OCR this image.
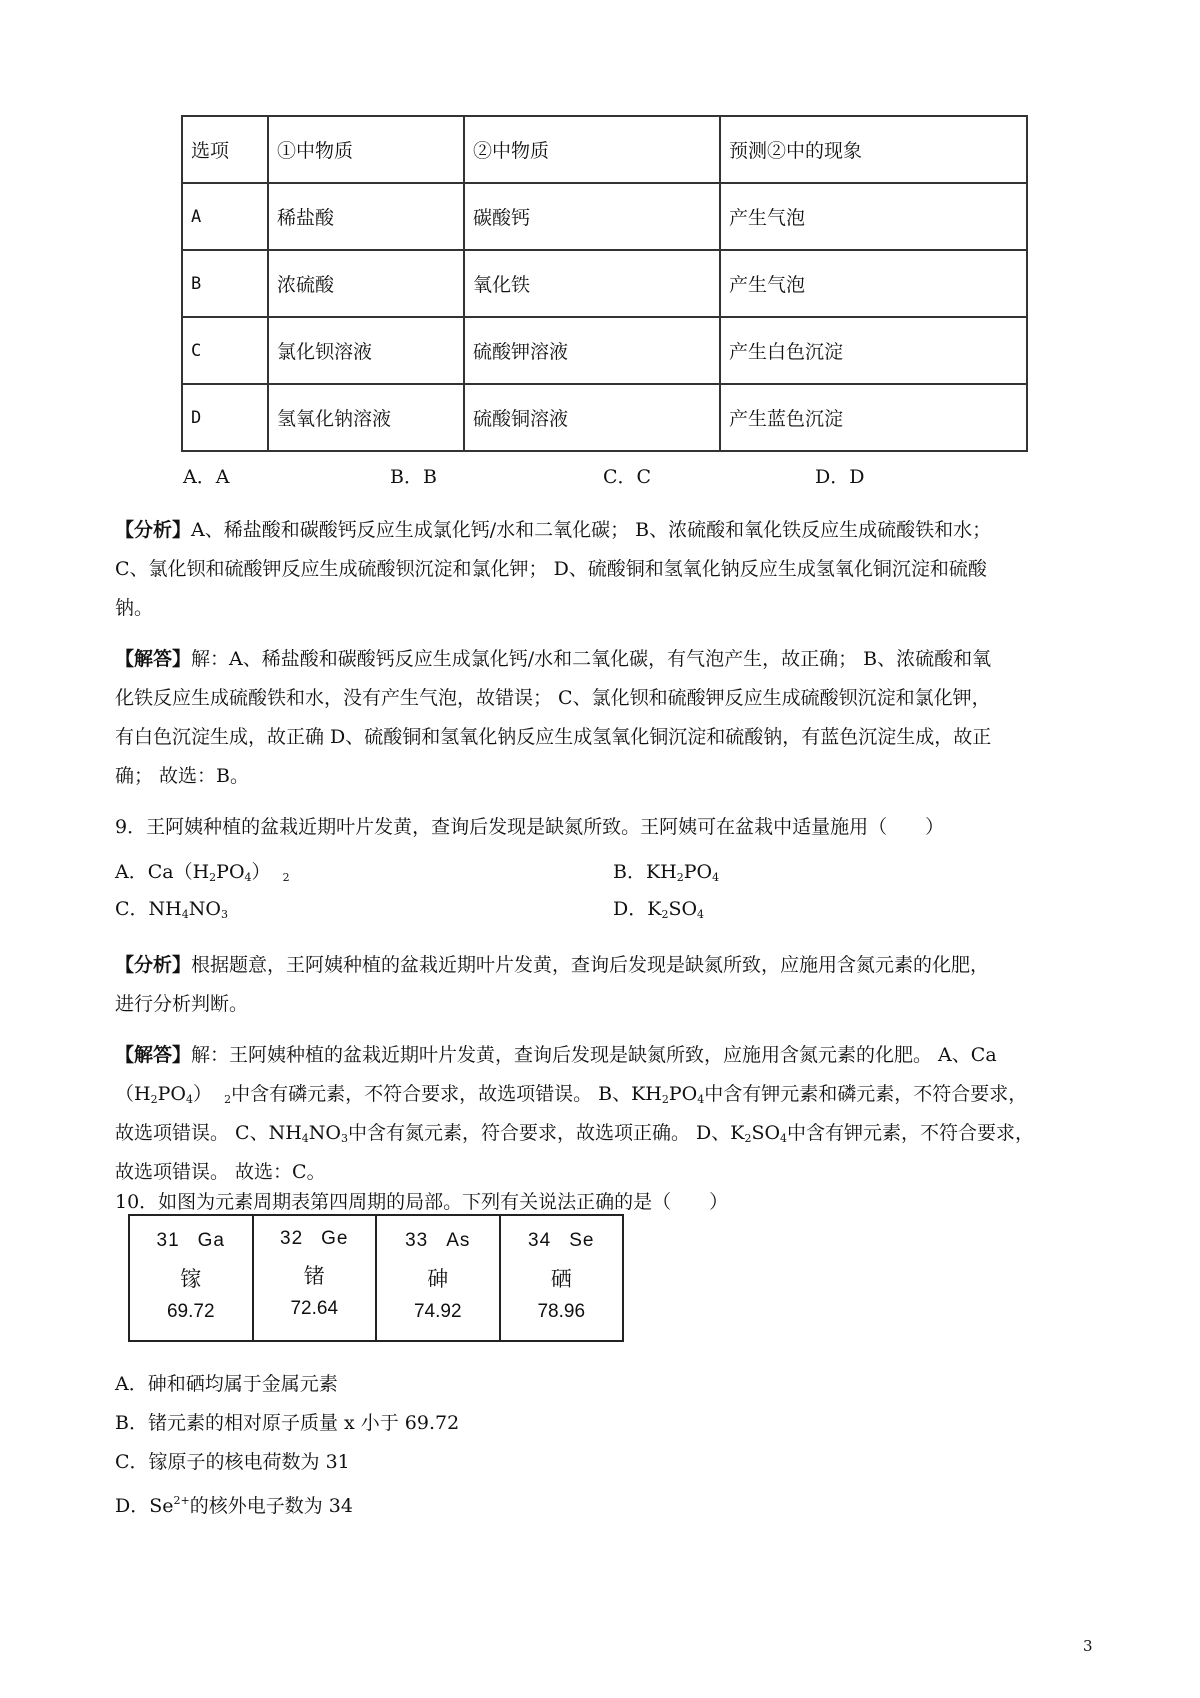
选项	①中物质	②中物质	预测②中的现象
A	稀盐酸	碳酸钙	产生气泡
B	浓硫酸	氧化铁	产生气泡
C	氯化钡溶液	硫酸钾溶液	产生白色沉淀
D	氢氧化钠溶液	硫酸铜溶液	产生蓝色沉淀
A．A	B．B	C．C	D．D
【分析】A、稀盐酸和碳酸钙反应生成氯化钙/水和二氧化碳； B、浓硫酸和氧化铁反应生成硫酸铁和水；
C、氯化钡和硫酸钾反应生成硫酸钡沉淀和氯化钾； D、硫酸铜和氢氧化钠反应生成氢氧化铜沉淀和硫酸
钠。
【解答】解：A、稀盐酸和碳酸钙反应生成氯化钙/水和二氧化碳，有气泡产生，故正确； B、浓硫酸和氧
化铁反应生成硫酸铁和水，没有产生气泡，故错误； C、氯化钡和硫酸钾反应生成硫酸钡沉淀和氯化钾，
有白色沉淀生成，故正确 D、硫酸铜和氢氧化钠反应生成氢氧化铜沉淀和硫酸钠，有蓝色沉淀生成，故正
确； 故选：B。
9．王阿姨种植的盆栽近期叶片发黄，查询后发现是缺氮所致。王阿姨可在盆栽中适量施用（　　）
A．$Ca(H_2PO_4)$ $_2$	B．$KH_2PO_4$
C．$NH_4NO_3$	D．$K_2SO_4$
【分析】根据题意，王阿姨种植的盆栽近期叶片发黄，查询后发现是缺氮所致，应施用含氮元素的化肥，
进行分析判断。
【解答】解：王阿姨种植的盆栽近期叶片发黄，查询后发现是缺氮所致，应施用含氮元素的化肥。 A、Ca
$(H_2PO_4)$ $_2$中含有磷元素，不符合要求，故选项错误。 B、$KH_2PO_4$中含有钾元素和磷元素，不符合要求，
故选项错误。 C、$NH_4NO_3$中含有氮元素，符合要求，故选项正确。 D、$K_2SO_4$中含有钾元素，不符合要求，
故选项错误。 故选：C。
10．如图为元素周期表第四周期的局部。下列有关说法正确的是（　　）
31 Ga
镓
69.72
32 Ge
锗
72.64
33 As
砷
74.92
34 Se
硒
78.96
A．砷和硒均属于金属元素
B．锗元素的相对原子质量 x 小于 69.72
C．镓原子的核电荷数为 31
D．$Se^{2+}$的核外电子数为 34
3
